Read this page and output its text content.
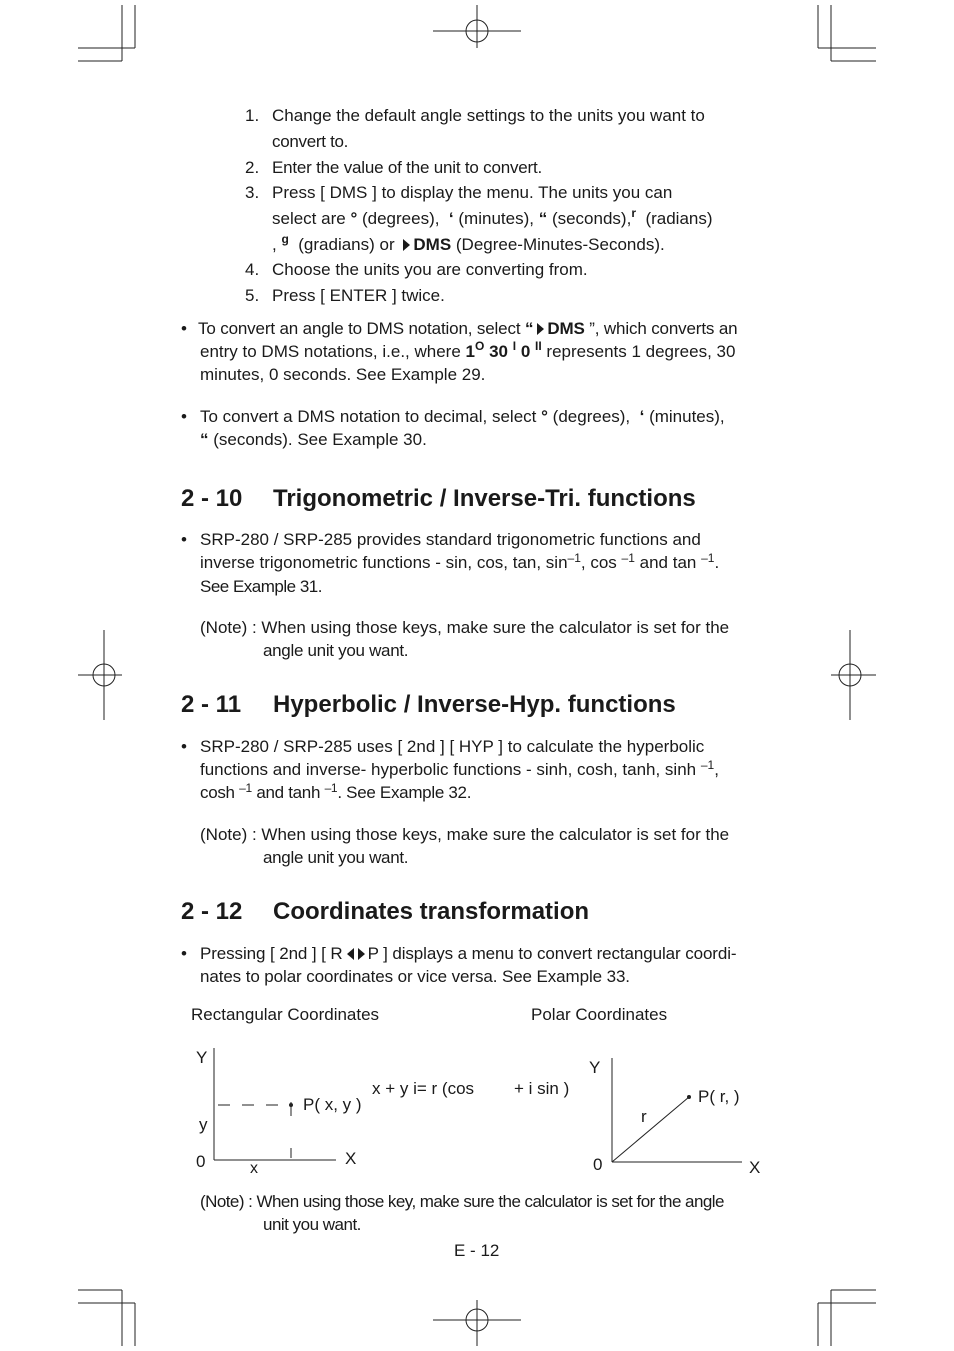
1. Change the default angle settings to the units you want to
convert to.
2. Enter the value of the unit to convert.
3. Press [ DMS ] to display the menu. The units you can
select are ° (degrees), ‘ (minutes), “ (seconds),$^r$ (radians)
, $^g$ (gradians) or DMS (Degree-Minutes-Seconds).
4. Choose the units you are converting from.
5. Press [ ENTER ] twice.
• To convert an angle to DMS notation, select “ DMS ”, which converts an
entry to DMS notations, i.e., where $1^O$ 30 $^I$ 0 $^{II}$ represents 1 degrees, 30
minutes, 0 seconds. See Example 29.
• To convert a DMS notation to decimal, select ° (degrees), ‘ (minutes),
“ (seconds). See Example 30.
2 - 10 Trigonometric / Inverse-Tri. functions
• SRP-280 / SRP-285 provides standard trigonometric functions and
inverse trigonometric functions - sin, cos, tan, $\sin^{-1}$, cos $^{-1}$ and tan $^{-1}$.
See Example 31.
(Note) : When using those keys, make sure the calculator is set for the
angle unit you want.
2 - 11 Hyperbolic / Inverse-Hyp. functions
• SRP-280 / SRP-285 uses [ 2nd ] [ HYP ] to calculate the hyperbolic
functions and inverse- hyperbolic functions - sinh, cosh, tanh, sinh $^{-1}$,
cosh $^{-1}$ and tanh $^{-1}$. See Example 32.
(Note) : When using those keys, make sure the calculator is set for the
angle unit you want.
2 - 12 Coordinates transformation
• Pressing [ 2nd ] [ R P ] displays a menu to convert rectangular coordi-
nates to polar coordinates or vice versa. See Example 33.
Rectangular Coordinates	Polar Coordinates
Y
y
0	x
X
P( x, y )
x + y i= r (cos + i sin )
Y
0	X
r
P( r, )
(Note) : When using those key, make sure the calculator is set for the angle
unit you want.
E - 12
